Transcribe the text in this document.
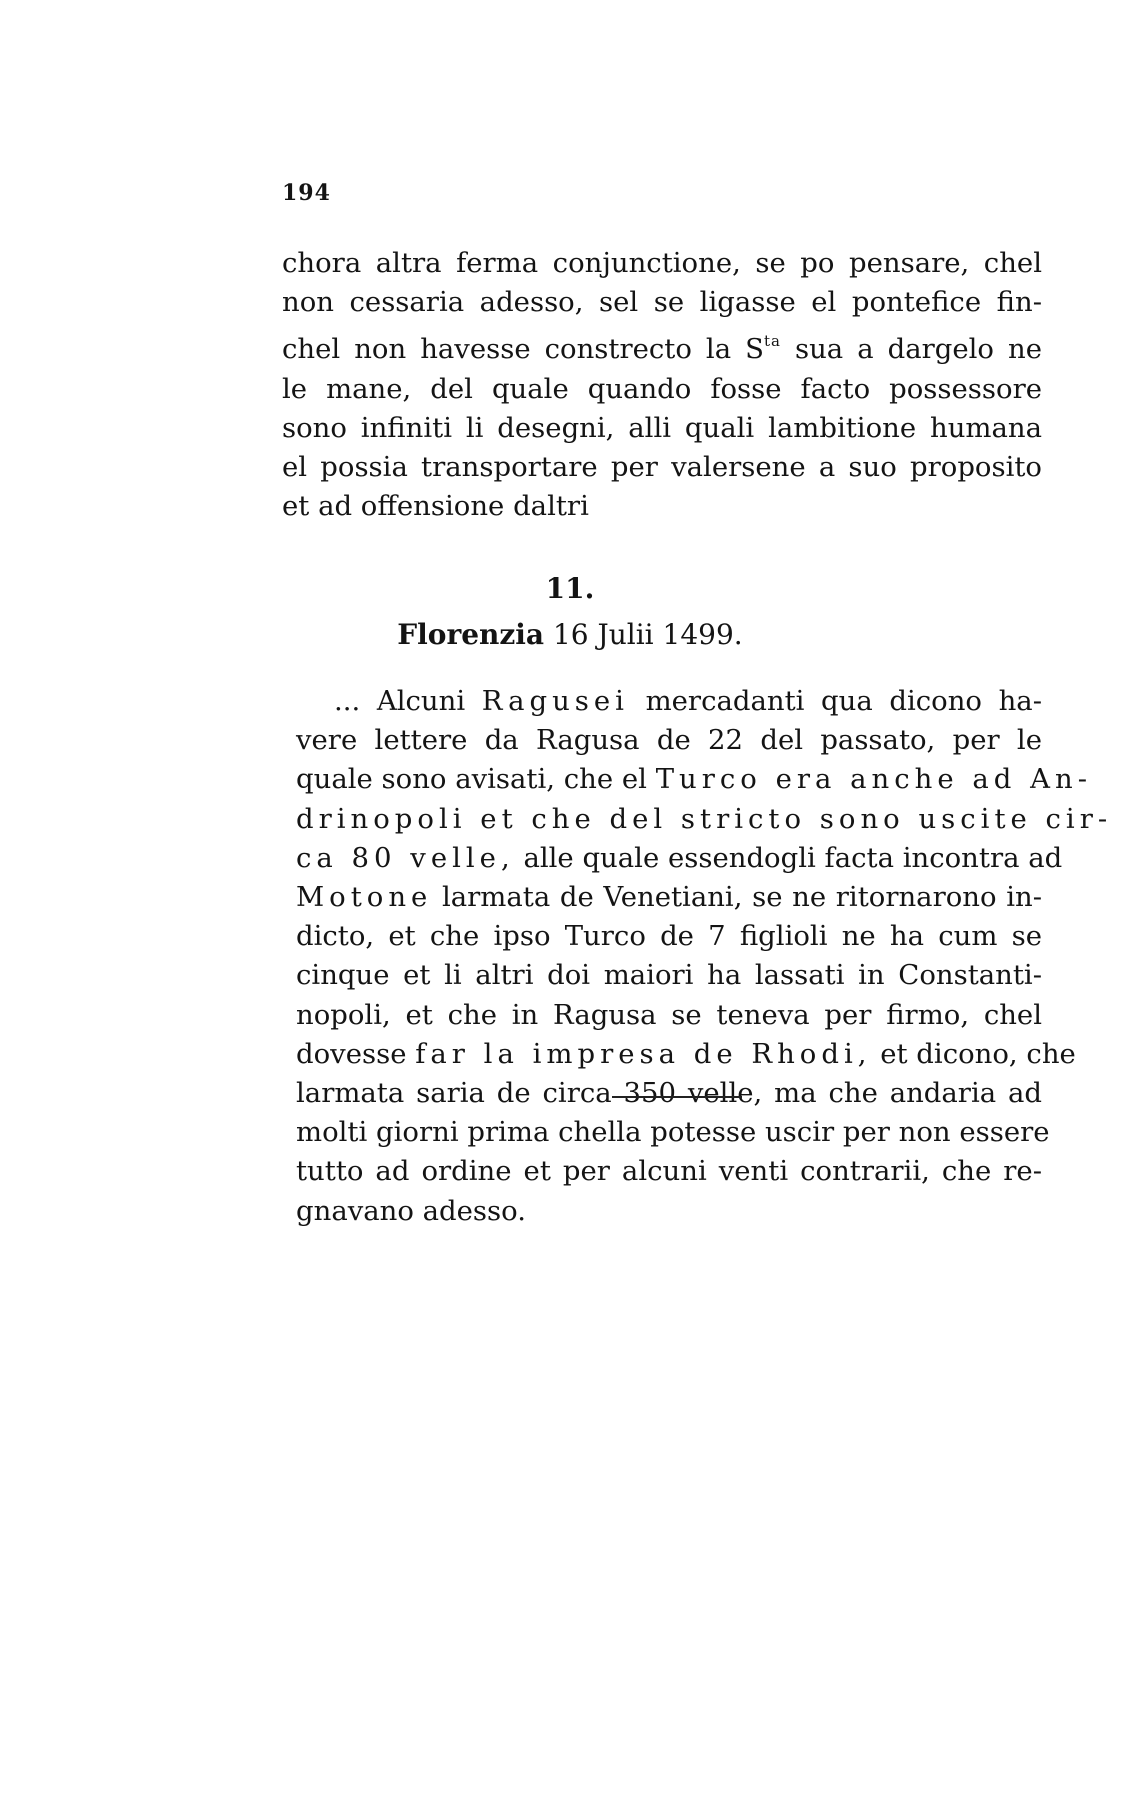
194
chora altra ferma conjunctione, se po pensare, chel
non cessaria adesso, sel se ligasse el pontefice fin-
chel non havesse constrecto la $S^{ta}$ sua a dargelo ne
le mane, del quale quando fosse facto possessore
sono infiniti li desegni, alli quali lambitione humana
el possia transportare per valersene a suo proposito
et ad offensione daltri
11.
Florenzia 16 Julii 1499.
... Alcuni Ragusei mercadanti qua dicono ha-
vere lettere da Ragusa de 22 del passato, per le
quale sono avisati, che el Turco era anche ad An-
drinopoli et che del stricto sono uscite cir-
ca 80 velle, alle quale essendogli facta incontra ad
Motone larmata de Venetiani, se ne ritornarono in-
dicto, et che ipso Turco de 7 figlioli ne ha cum se
cinque et li altri doi maiori ha lassati in Constanti-
nopoli, et che in Ragusa se teneva per firmo, chel
dovesse far la impresa de Rhodi, et dicono, che
larmata saria de circa 350 velle, ma che andaria ad
molti giorni prima chella potesse uscir per non essere
tutto ad ordine et per alcuni venti contrarii, che re-
gnavano adesso.
